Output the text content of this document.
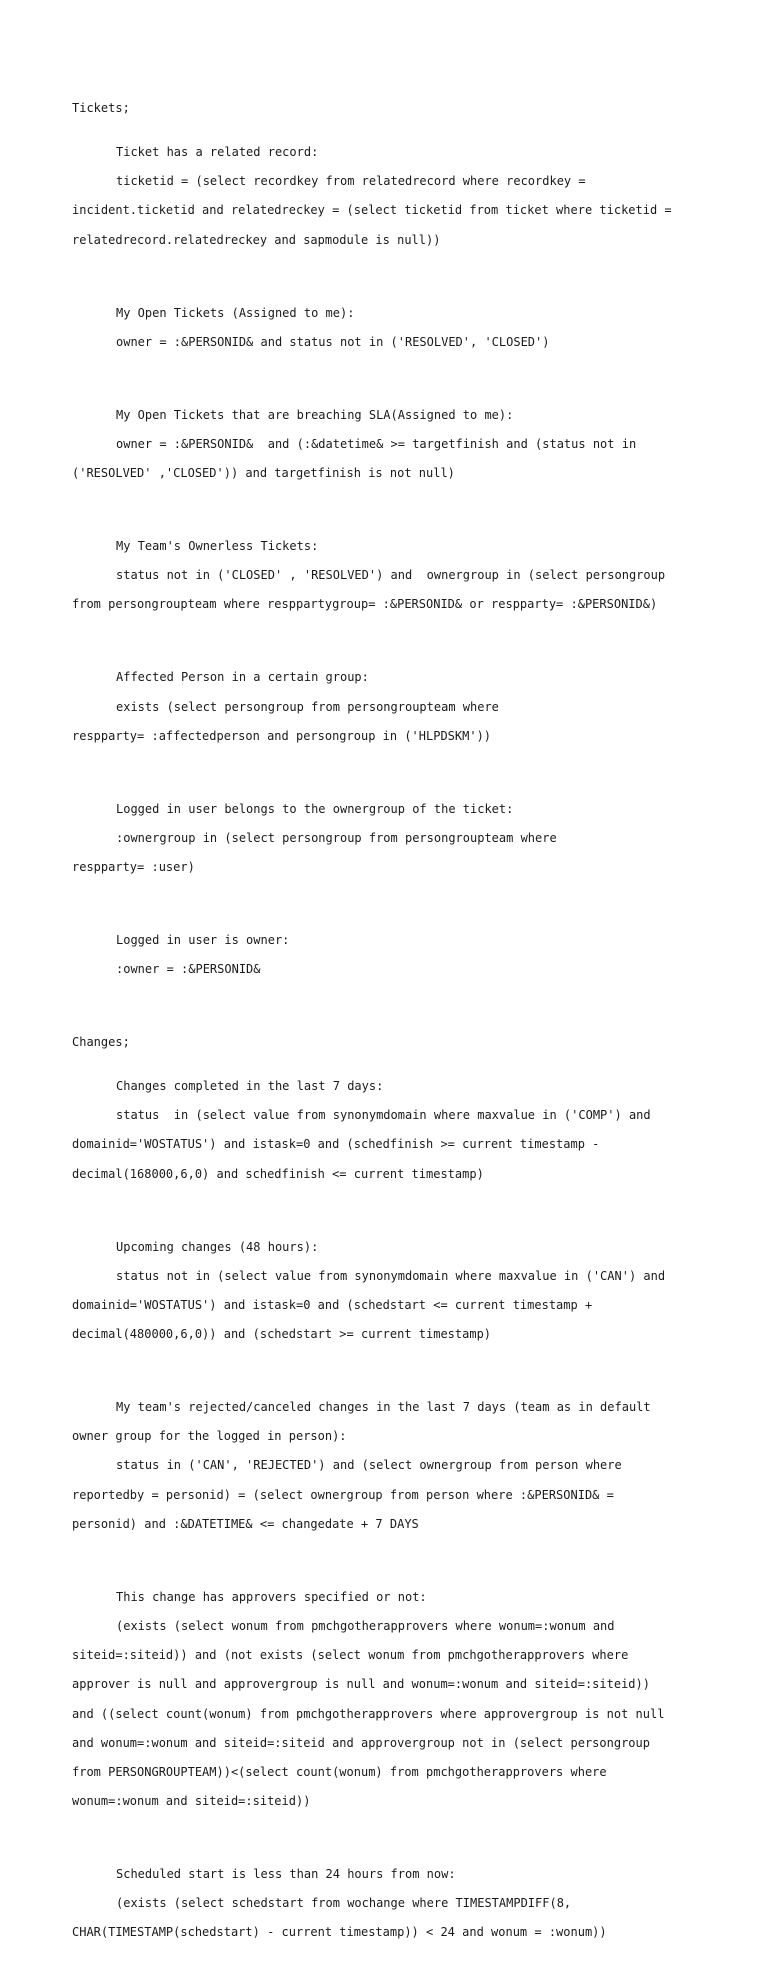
Tickets;

Ticket has a related record:

ticketid = (select recordkey from relatedrecord where recordkey =

incident.ticketid and relatedreckey = (select ticketid from ticket where ticketid =

relatedrecord.relatedreckey and sapmodule is null))

My Open Tickets (Assigned to me):

owner = :&PERSONID& and status not in ('RESOLVED', 'CLOSED')

My Open Tickets that are breaching SLA(Assigned to me):

owner = :&PERSONID&  and (:&datetime& >= targetfinish and (status not in

('RESOLVED' ,'CLOSED')) and targetfinish is not null)

My Team's Ownerless Tickets:

status not in ('CLOSED' , 'RESOLVED') and  ownergroup in (select persongroup

from persongroupteam where resppartygroup= :&PERSONID& or respparty= :&PERSONID&)

Affected Person in a certain group:

exists (select persongroup from persongroupteam where

respparty= :affectedperson and persongroup in ('HLPDSKM'))

Logged in user belongs to the ownergroup of the ticket:

:ownergroup in (select persongroup from persongroupteam where

respparty= :user)

Logged in user is owner:

:owner = :&PERSONID&

Changes;

Changes completed in the last 7 days:

status  in (select value from synonymdomain where maxvalue in ('COMP') and

domainid='WOSTATUS') and istask=0 and (schedfinish >= current timestamp -

decimal(168000,6,0) and schedfinish <= current timestamp)

Upcoming changes (48 hours):

status not in (select value from synonymdomain where maxvalue in ('CAN') and

domainid='WOSTATUS') and istask=0 and (schedstart <= current timestamp +

decimal(480000,6,0)) and (schedstart >= current timestamp)

My team's rejected/canceled changes in the last 7 days (team as in default

owner group for the logged in person):

status in ('CAN', 'REJECTED') and (select ownergroup from person where

reportedby = personid) = (select ownergroup from person where :&PERSONID& =

personid) and :&DATETIME& <= changedate + 7 DAYS

This change has approvers specified or not:

(exists (select wonum from pmchgotherapprovers where wonum=:wonum and

siteid=:siteid)) and (not exists (select wonum from pmchgotherapprovers where

approver is null and approvergroup is null and wonum=:wonum and siteid=:siteid))

and ((select count(wonum) from pmchgotherapprovers where approvergroup is not null

and wonum=:wonum and siteid=:siteid and approvergroup not in (select persongroup

from PERSONGROUPTEAM))<(select count(wonum) from pmchgotherapprovers where

wonum=:wonum and siteid=:siteid))

Scheduled start is less than 24 hours from now:

(exists (select schedstart from wochange where TIMESTAMPDIFF(8,

CHAR(TIMESTAMP(schedstart) - current timestamp)) < 24 and wonum = :wonum))
